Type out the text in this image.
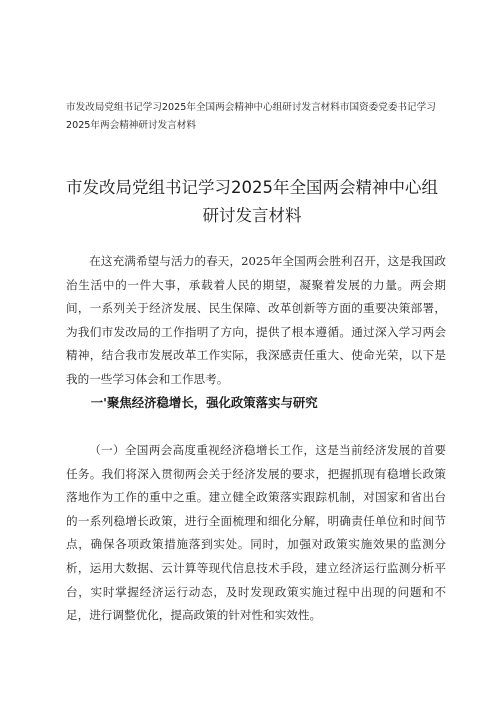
市发改局党组书记学习2025年全国两会精神中心组研讨发言材料市国资委党委书记学习2025年两会精神研讨发言材料
市发改局党组书记学习2025年全国两会精神中心组研讨发言材料

在这充满希望与活力的春天，2025年全国两会胜利召开，这是我国政治生活中的一件大事，承载着人民的期望，凝聚着发展的力量。两会期间，一系列关于经济发展、民生保障、改革创新等方面的重要决策部署，为我们市发改局的工作指明了方向，提供了根本遵循。通过深入学习两会精神，结合我市发展改革工作实际，我深感责任重大、使命光荣，以下是我的一些学习体会和工作思考。

一'聚焦经济稳增长，强化政策落实与研究

（一）全国两会高度重视经济稳增长工作，这是当前经济发展的首要任务。我们将深入贯彻两会关于经济发展的要求，把握抓现有稳增长政策落地作为工作的重中之重。建立健全政策落实跟踪机制，对国家和省出台的一系列稳增长政策，进行全面梳理和细化分解，明确责任单位和时间节点，确保各项政策措施落到实处。同时，加强对政策实施效果的监测分析，运用大数据、云计算等现代信息技术手段，建立经济运行监测分析平台，实时掌握经济运行动态，及时发现政策实施过程中出现的问题和不足，进行调整优化，提高政策的针对性和实效性。
